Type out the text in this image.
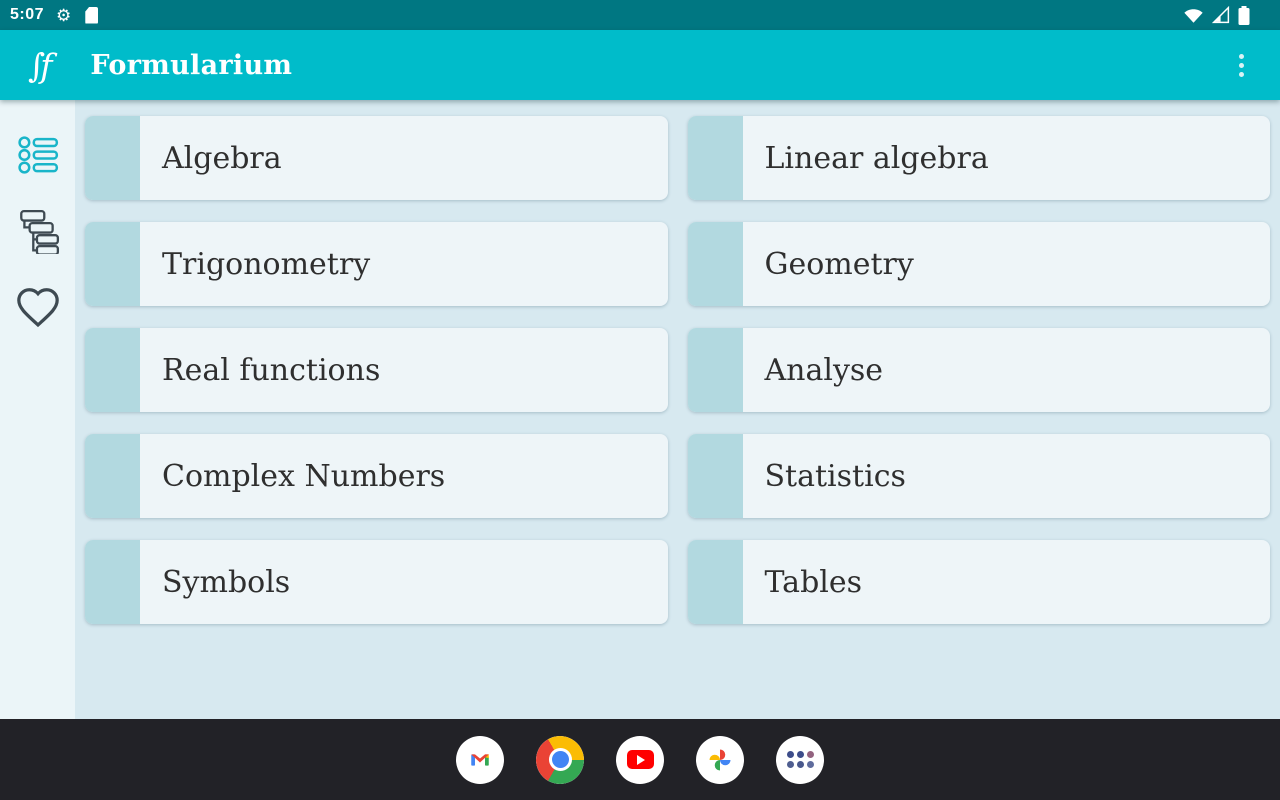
5:07 ⚙
∫f Formularium
Algebra	Linear algebra
Trigonometry	Geometry
Real functions	Analyse
Complex Numbers	Statistics
Symbols	Tables
